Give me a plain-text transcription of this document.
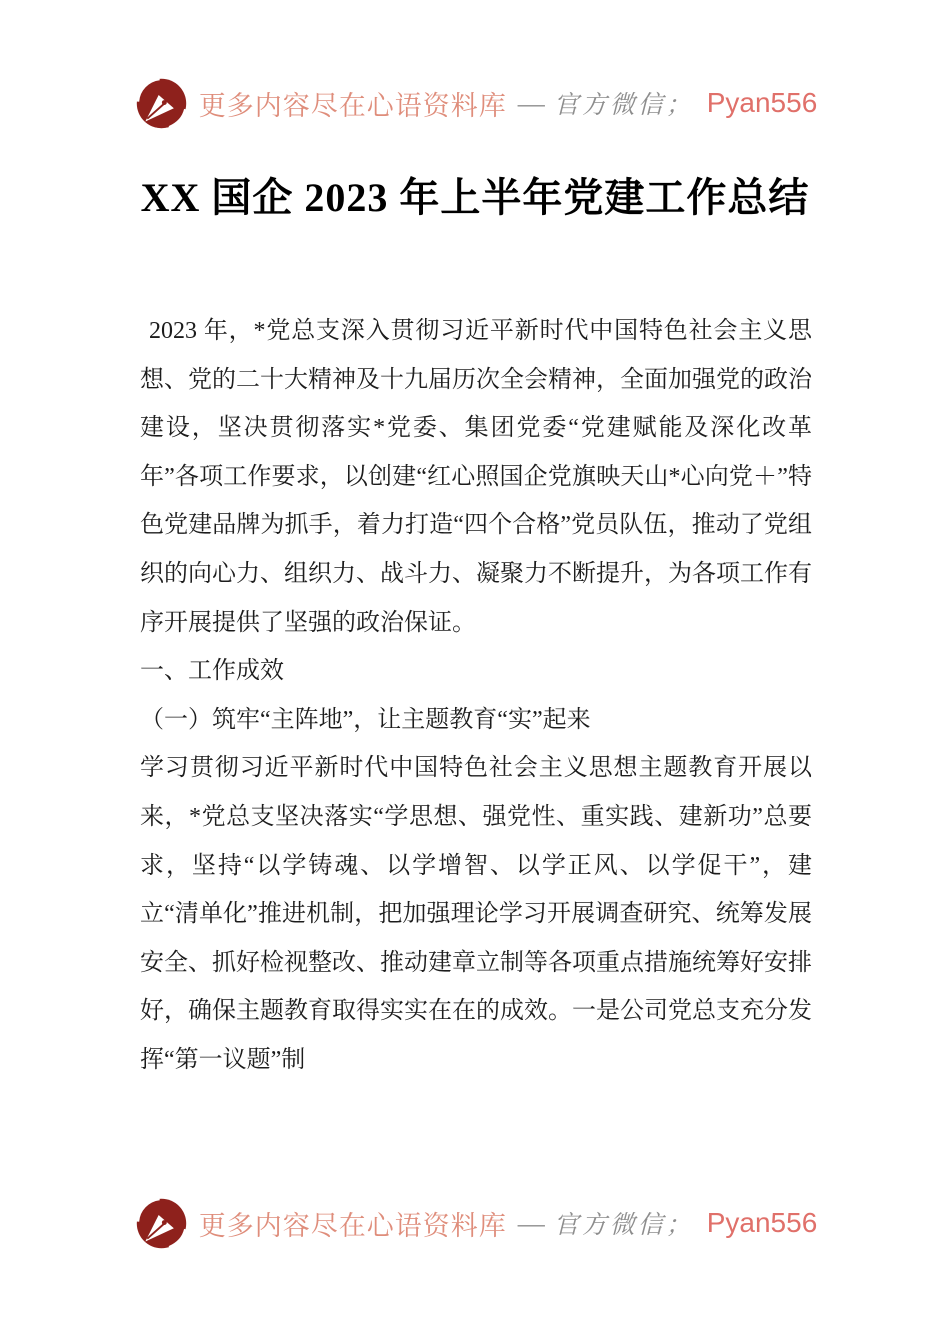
更多内容尽在心语资料库 — 官方微信； Pyan556
XX 国企 2023 年上半年党建工作总结

2023 年，*党总支深入贯彻习近平新时代中国特色社会主义思想、党的二十大精神及十九届历次全会精神，全面加强党的政治建设，坚决贯彻落实*党委、集团党委“党建赋能及深化改革年”各项工作要求，以创建“红心照国企党旗映天山*心向党＋”特色党建品牌为抓手，着力打造“四个合格”党员队伍，推动了党组织的向心力、组织力、战斗力、凝聚力不断提升，为各项工作有序开展提供了坚强的政治保证。

一、工作成效

（一）筑牢“主阵地”，让主题教育“实”起来

学习贯彻习近平新时代中国特色社会主义思想主题教育开展以来，*党总支坚决落实“学思想、强党性、重实践、建新功”总要求，坚持“以学铸魂、以学增智、以学正风、以学促干”，建立“清单化”推进机制，把加强理论学习开展调查研究、统筹发展安全、抓好检视整改、推动建章立制等各项重点措施统筹好安排好，确保主题教育取得实实在在的成效。一是公司党总支充分发挥“第一议题”制

更多内容尽在心语资料库 — 官方微信； Pyan556
